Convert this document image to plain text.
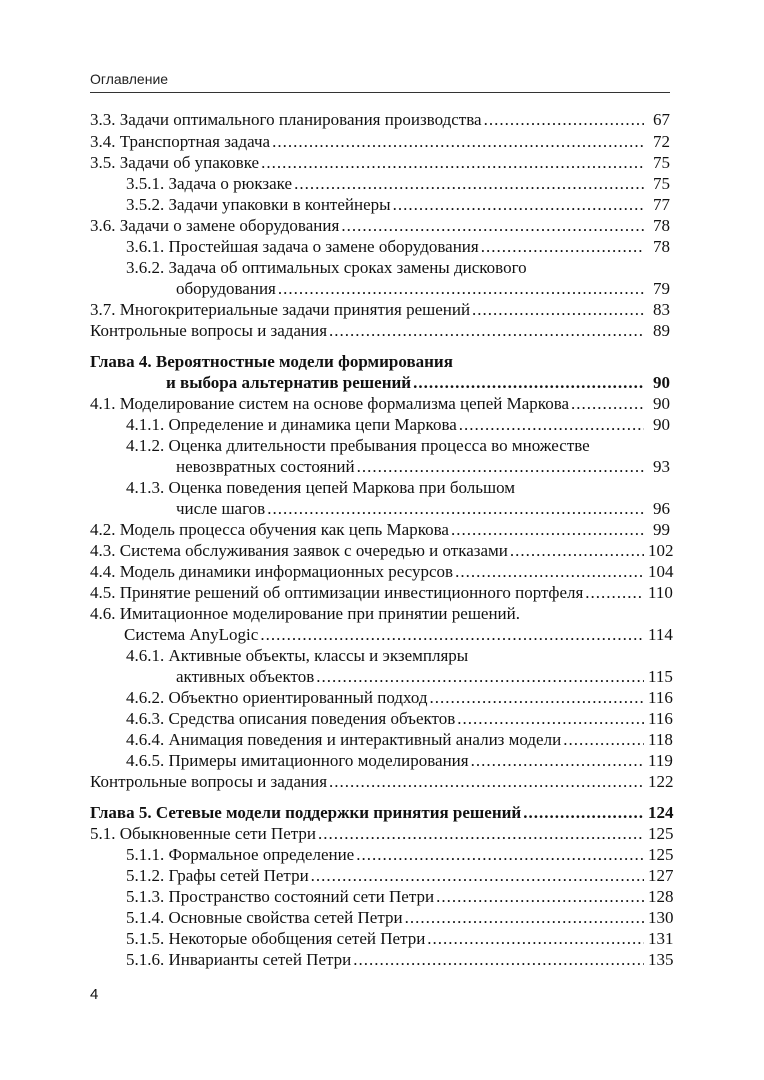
Оглавление
3.3. Задачи оптимального планирования производства .....	67
3.4. Транспортная задача .....	72
3.5. Задачи об упаковке .....	75
3.5.1. Задача о рюкзаке .....	75
3.5.2. Задачи упаковки в контейнеры .....	77
3.6. Задачи о замене оборудования .....	78
3.6.1. Простейшая задача о замене оборудования .....	78
3.6.2. Задача об оптимальных сроках замены дискового
оборудования .....	79
3.7. Многокритериальные задачи принятия решений .....	83
Контрольные вопросы и задания .....	89
Глава 4. Вероятностные модели формирования
и выбора альтернатив решений .....	90
4.1. Моделирование систем на основе формализма цепей Маркова .....	90
4.1.1. Определение и динамика цепи Маркова .....	90
4.1.2. Оценка длительности пребывания процесса во множестве
невозвратных состояний .....	93
4.1.3. Оценка поведения цепей Маркова при большом
числе шагов .....	96
4.2. Модель процесса обучения как цепь Маркова .....	99
4.3. Система обслуживания заявок с очередью и отказами .....	102
4.4. Модель динамики информационных ресурсов .....	104
4.5. Принятие решений об оптимизации инвестиционного портфеля .....	110
4.6. Имитационное моделирование при принятии решений.
Система AnyLogic .....	114
4.6.1. Активные объекты, классы и экземпляры
активных объектов .....	115
4.6.2. Объектно ориентированный подход .....	116
4.6.3. Средства описания поведения объектов .....	116
4.6.4. Анимация поведения и интерактивный анализ модели .....	118
4.6.5. Примеры имитационного моделирования .....	119
Контрольные вопросы и задания .....	122
Глава 5. Сетевые модели поддержки принятия решений .....	124
5.1. Обыкновенные сети Петри .....	125
5.1.1. Формальное определение .....	125
5.1.2. Графы сетей Петри .....	127
5.1.3. Пространство состояний сети Петри .....	128
5.1.4. Основные свойства сетей Петри .....	130
5.1.5. Некоторые обобщения сетей Петри .....	131
5.1.6. Инварианты сетей Петри .....	135
4
